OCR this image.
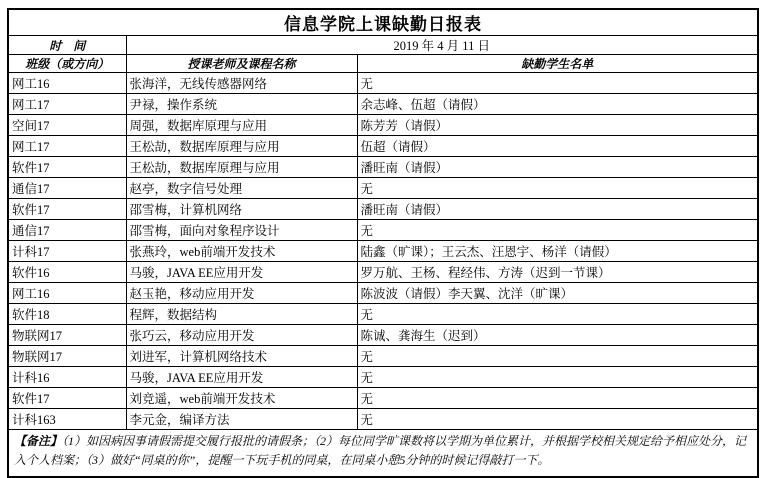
信息学院上课缺勤日报表		
时　间	2019 年 4 月 11 日	
班级（或方向）	授课老师及课程名称	缺勤学生名单
网工16	张海洋，无线传感器网络	无
网工17	尹禄，操作系统	余志峰、伍超（请假）
空间17	周强，数据库原理与应用	陈芳芳（请假）
网工17	王松劼，数据库原理与应用	伍超（请假）
软件17	王松劼，数据库原理与应用	潘旺南（请假）
通信17	赵亭，数字信号处理	无
软件17	邵雪梅，计算机网络	潘旺南（请假）
通信17	邵雪梅，面向对象程序设计	无
计科17	张燕玲，web前端开发技术	陆鑫（旷课）；王云杰、汪恩宇、杨洋（请假）
软件16	马骏，JAVA EE应用开发	罗万航、王杨、程经伟、方涛（迟到一节课）
网工16	赵玉艳，移动应用开发	陈波波（请假）李天翼、沈洋（旷课）
软件18	程辉，数据结构	无
物联网17	张巧云，移动应用开发	陈诚、龚海生（迟到）
物联网17	刘进军，计算机网络技术	无
计科16	马骏，JAVA EE应用开发	无
软件17	刘竞遥，web前端开发技术	无
计科163	李元金，编译方法	无
【备注】（1）如因病因事请假需提交履行报批的请假条；（2）每位同学旷课数将以学期为单位累计，并根据学校相关规定给予相应处分，记入个人档案；（3）做好“同桌的你”，提醒一下玩手机的同桌，在同桌小憩5分钟的时候记得敲打一下。		
